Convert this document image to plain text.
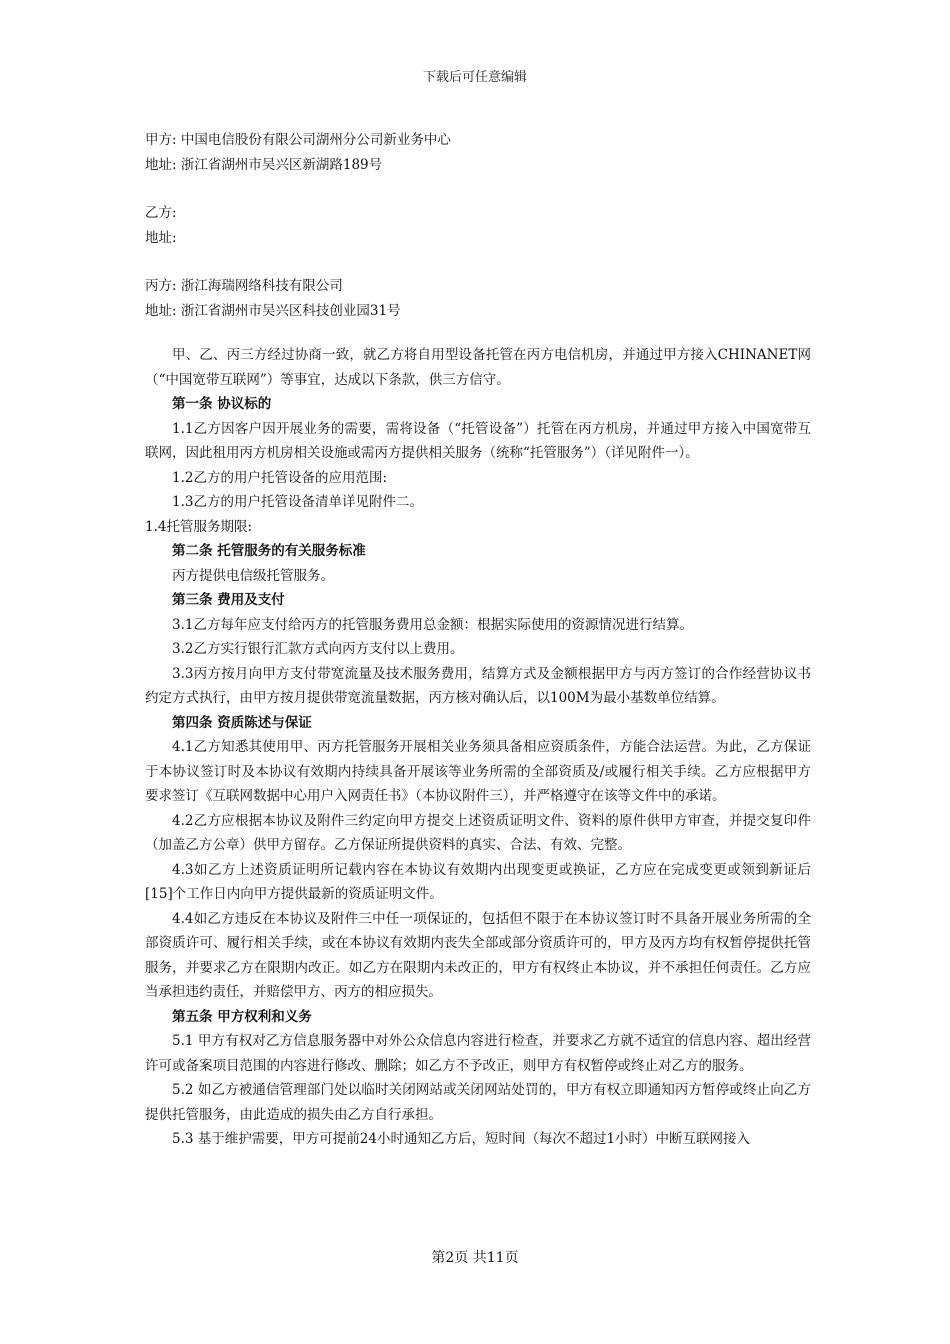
下载后可任意编辑
甲方: 中国电信股份有限公司湖州分公司新业务中心
地址: 浙江省湖州市吴兴区新湖路189号
乙方:
地址:
丙方: 浙江海瑞网络科技有限公司
地址: 浙江省湖州市吴兴区科技创业园31号

甲、乙、丙三方经过协商一致，就乙方将自用型设备托管在丙方电信机房，并通过甲方接入CHINANET网（“中国宽带互联网”）等事宜，达成以下条款，供三方信守。

第一条 协议标的

1.1乙方因客户因开展业务的需要，需将设备（“托管设备”）托管在丙方机房，并通过甲方接入中国宽带互联网，因此租用丙方机房相关设施或需丙方提供相关服务（统称“托管服务”）（详见附件一）。

1.2乙方的用户托管设备的应用范围:

1.3乙方的用户托管设备清单详见附件二。

1.4托管服务期限:

第二条 托管服务的有关服务标准

丙方提供电信级托管服务。

第三条 费用及支付

3.1乙方每年应支付给丙方的托管服务费用总金额：根据实际使用的资源情况进行结算。

3.2乙方实行银行汇款方式向丙方支付以上费用。

3.3丙方按月向甲方支付带宽流量及技术服务费用，结算方式及金额根据甲方与丙方签订的合作经营协议书约定方式执行，由甲方按月提供带宽流量数据，丙方核对确认后，以100M为最小基数单位结算。

第四条 资质陈述与保证

4.1乙方知悉其使用甲、丙方托管服务开展相关业务须具备相应资质条件，方能合法运营。为此，乙方保证于本协议签订时及本协议有效期内持续具备开展该等业务所需的全部资质及/或履行相关手续。乙方应根据甲方要求签订《互联网数据中心用户入网责任书》（本协议附件三），并严格遵守在该等文件中的承诺。

4.2乙方应根据本协议及附件三约定向甲方提交上述资质证明文件、资料的原件供甲方审查，并提交复印件（加盖乙方公章）供甲方留存。乙方保证所提供资料的真实、合法、有效、完整。

4.3如乙方上述资质证明所记载内容在本协议有效期内出现变更或换证，乙方应在完成变更或领到新证后[15]个工作日内向甲方提供最新的资质证明文件。

4.4如乙方违反在本协议及附件三中任一项保证的，包括但不限于在本协议签订时不具备开展业务所需的全部资质许可、履行相关手续，或在本协议有效期内丧失全部或部分资质许可的，甲方及丙方均有权暂停提供托管服务，并要求乙方在限期内改正。如乙方在限期内未改正的，甲方有权终止本协议，并不承担任何责任。乙方应当承担违约责任，并赔偿甲方、丙方的相应损失。

第五条 甲方权利和义务

5.1 甲方有权对乙方信息服务器中对外公众信息内容进行检查，并要求乙方就不适宜的信息内容、超出经营许可或备案项目范围的内容进行修改、删除；如乙方不予改正，则甲方有权暂停或终止对乙方的服务。

5.2 如乙方被通信管理部门处以临时关闭网站或关闭网站处罚的，甲方有权立即通知丙方暂停或终止向乙方提供托管服务，由此造成的损失由乙方自行承担。

5.3 基于维护需要，甲方可提前24小时通知乙方后，短时间（每次不超过1小时）中断互联网接入

第2页 共11页
